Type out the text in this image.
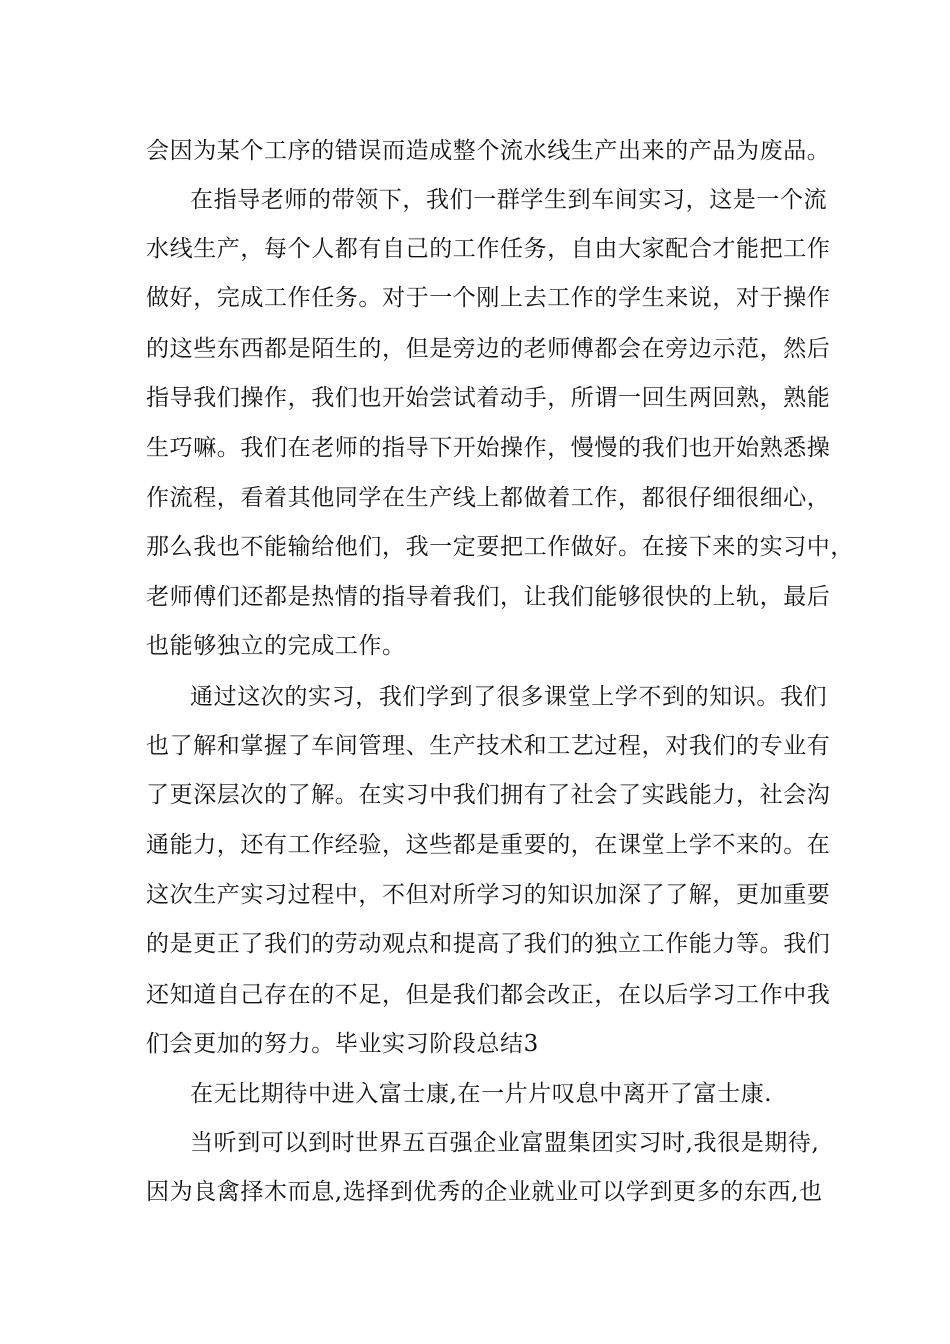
会因为某个工序的错误而造成整个流水线生产出来的产品为废品。
在指导老师的带领下，我们一群学生到车间实习，这是一个流
水线生产，每个人都有自己的工作任务，自由大家配合才能把工作
做好，完成工作任务。对于一个刚上去工作的学生来说，对于操作
的这些东西都是陌生的，但是旁边的老师傅都会在旁边示范，然后
指导我们操作，我们也开始尝试着动手，所谓一回生两回熟，熟能
生巧嘛。我们在老师的指导下开始操作，慢慢的我们也开始熟悉操
作流程，看着其他同学在生产线上都做着工作，都很仔细很细心，
那么我也不能输给他们，我一定要把工作做好。在接下来的实习中，
老师傅们还都是热情的指导着我们，让我们能够很快的上轨，最后
也能够独立的完成工作。
通过这次的实习，我们学到了很多课堂上学不到的知识。我们
也了解和掌握了车间管理、生产技术和工艺过程，对我们的专业有
了更深层次的了解。在实习中我们拥有了社会了实践能力，社会沟
通能力，还有工作经验，这些都是重要的，在课堂上学不来的。在
这次生产实习过程中，不但对所学习的知识加深了了解，更加重要
的是更正了我们的劳动观点和提高了我们的独立工作能力等。我们
还知道自己存在的不足，但是我们都会改正，在以后学习工作中我
们会更加的努力。毕业实习阶段总结3
在无比期待中进入富士康,在一片片叹息中离开了富士康.
当听到可以到时世界五百强企业富盟集团实习时,我很是期待,
因为良禽择木而息,选择到优秀的企业就业可以学到更多的东西,也
